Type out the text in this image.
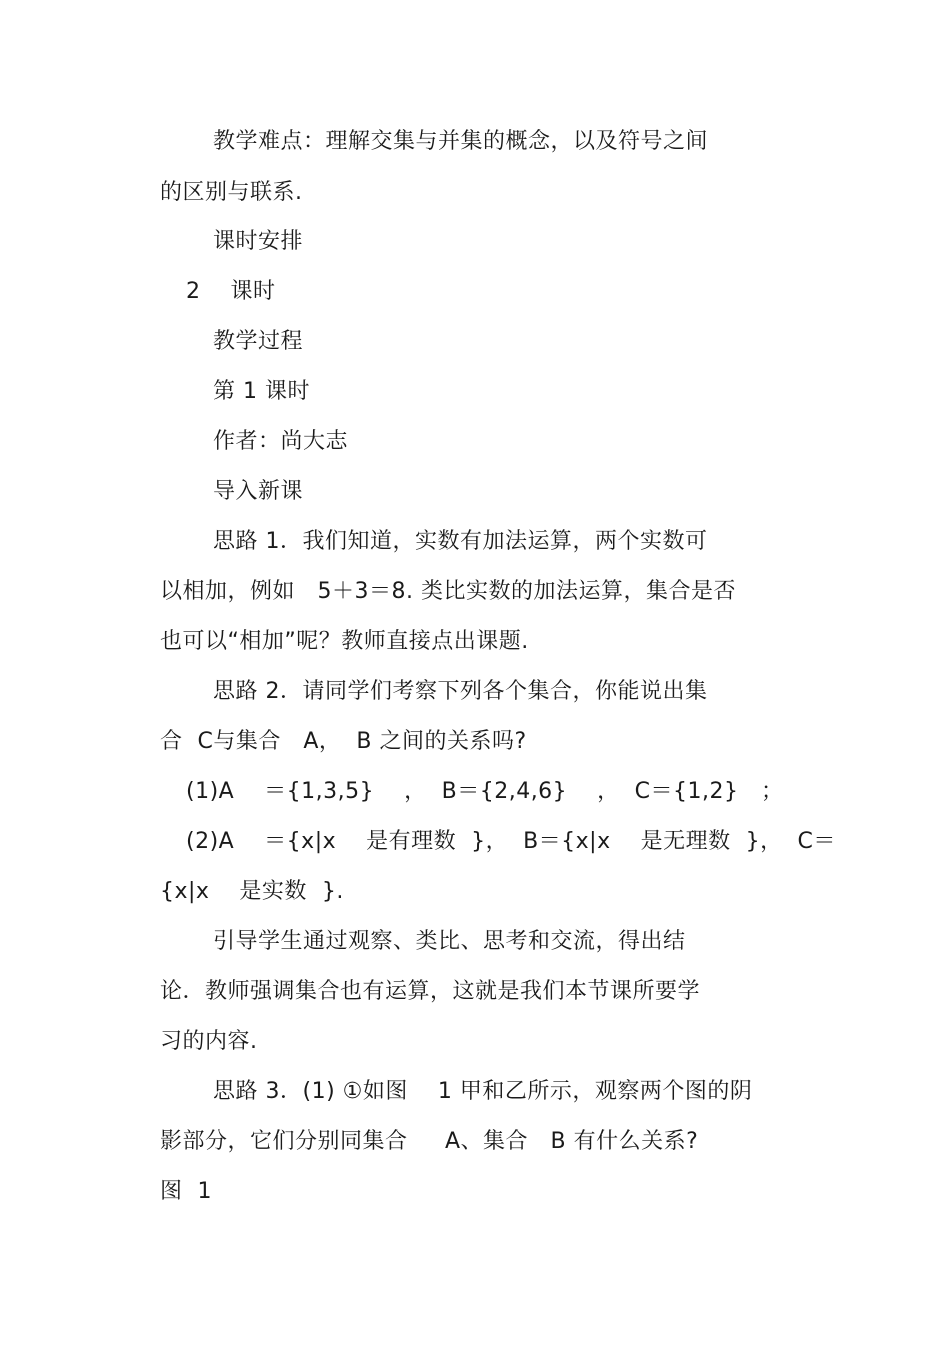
教学难点：理解交集与并集的概念，以及符号之间
的区别与联系.
课时安排
2    课时
教学过程
第 1 课时
作者：尚大志
导入新课
思路 1．我们知道，实数有加法运算，两个实数可
以相加，例如   5＋3＝8. 类比实数的加法运算，集合是否
也可以“相加”呢？教师直接点出课题.
思路 2．请同学们考察下列各个集合，你能说出集
合  C与集合   A，  B 之间的关系吗?
(1)A    ＝{1,3,5}    ，  B＝{2,4,6}    ，  C＝{1,2}   ；
(2)A    ＝{x|x    是有理数  }，  B＝{x|x    是无理数  }，  C＝
{x|x    是实数  }.
引导学生通过观察、类比、思考和交流，得出结
论．教师强调集合也有运算，这就是我们本节课所要学
习的内容.
思路 3．(1) ①如图    1 甲和乙所示，观察两个图的阴
影部分，它们分别同集合     A、集合   B 有什么关系?
图  1
